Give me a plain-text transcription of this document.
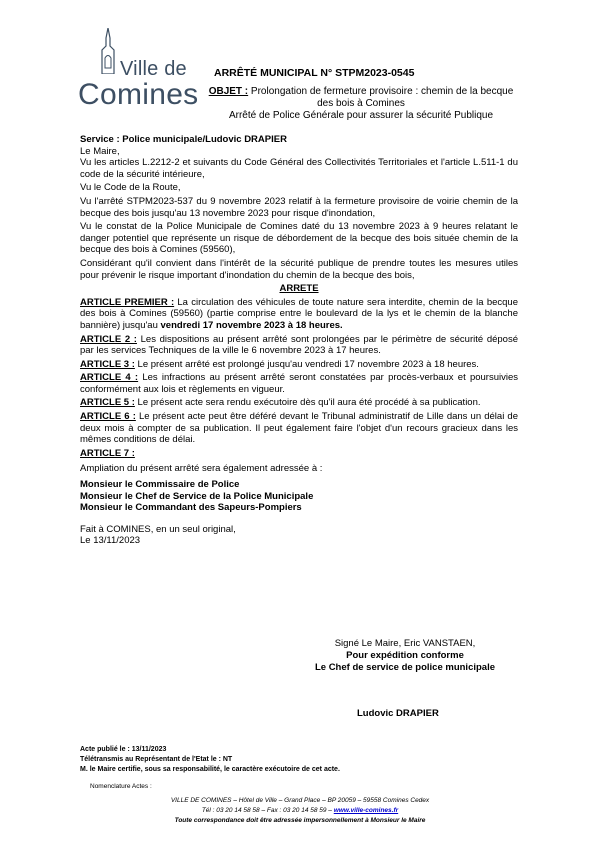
Ville de
Comines
ARRÊTÉ MUNICIPAL N° STPM2023-0545
OBJET : Prolongation de fermeture provisoire : chemin de la becque des bois à Comines
Arrêté de Police Générale pour assurer la sécurité Publique

Service : Police municipale/Ludovic DRAPIER

Le Maire,

Vu les articles L.2212-2 et suivants du Code Général des Collectivités Territoriales et l'article L.511-1 du code de la sécurité intérieure,

Vu le Code de la Route,

Vu l'arrêté STPM2023-537 du 9 novembre 2023 relatif à la fermeture provisoire de voirie chemin de la becque des bois jusqu'au 13 novembre 2023 pour risque d'inondation,

Vu le constat de la Police Municipale de Comines daté du 13 novembre 2023 à 9 heures relatant le danger potentiel que représente un risque de débordement de la becque des bois située chemin de la becque des bois à Comines (59560),

Considérant qu'il convient dans l'intérêt de la sécurité publique de prendre toutes les mesures utiles pour prévenir le risque important d'inondation du chemin de la becque des bois,

ARRETE

ARTICLE PREMIER : La circulation des véhicules de toute nature sera interdite, chemin de la becque des bois à Comines (59560) (partie comprise entre le boulevard de la lys et le chemin de la blanche bannière) jusqu'au vendredi 17 novembre 2023 à 18 heures.

ARTICLE 2 : Les dispositions au présent arrêté sont prolongées par le périmètre de sécurité déposé par les services Techniques de la ville le 6 novembre 2023 à 17 heures.

ARTICLE 3 : Le présent arrêté est prolongé jusqu'au vendredi 17 novembre 2023 à 18 heures.

ARTICLE 4 : Les infractions au présent arrêté seront constatées par procès-verbaux et poursuivies conformément aux lois et règlements en vigueur.

ARTICLE 5 : Le présent acte sera rendu exécutoire dès qu'il aura été procédé à sa publication.

ARTICLE 6 : Le présent acte peut être déféré devant le Tribunal administratif de Lille dans un délai de deux mois à compter de sa publication. Il peut également faire l'objet d'un recours gracieux dans les mêmes conditions de délai.

ARTICLE 7 :

Ampliation du présent arrêté sera également adressée à :

Monsieur le Commissaire de Police

Monsieur le Chef de Service de la Police Municipale

Monsieur le Commandant des Sapeurs-Pompiers

Fait à COMINES, en un seul original,

Le 13/11/2023

Signé Le Maire, Eric VANSTAEN,
Pour expédition conforme
Le Chef de service de police municipale
Ludovic DRAPIER
Acte publié le : 13/11/2023
Télétransmis au Représentant de l'Etat le : NT
M. le Maire certifie, sous sa responsabilité, le caractère exécutoire de cet acte.
Nomenclature Actes :
VILLE DE COMINES – Hôtel de Ville – Grand Place – BP 20059 – 59558 Comines Cedex
Tél : 03 20 14 58 58 – Fax : 03 20 14 58 59 – www.ville-comines.fr
Toute correspondance doit être adressée impersonnellement à Monsieur le Maire
